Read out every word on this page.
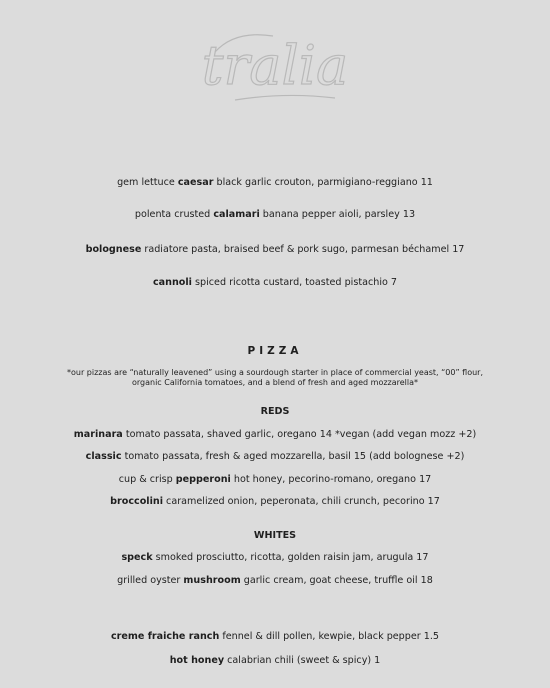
tralia
gem lettuce caesar black garlic crouton, parmigiano-reggiano 11
polenta crusted calamari banana pepper aioli, parsley 13
bolognese radiatore pasta, braised beef & pork sugo, parmesan béchamel 17
cannoli spiced ricotta custard, toasted pistachio 7
PIZZA
*our pizzas are “naturally leavened” using a sourdough starter in place of commercial yeast, “00” flour, organic California tomatoes, and a blend of fresh and aged mozzarella*
REDS
marinara tomato passata, shaved garlic, oregano 14 *vegan (add vegan mozz +2)
classic tomato passata, fresh & aged mozzarella, basil 15 (add bolognese +2)
cup & crisp pepperoni hot honey, pecorino-romano, oregano 17
broccolini caramelized onion, peperonata, chili crunch, pecorino 17
WHITES
speck smoked prosciutto, ricotta, golden raisin jam, arugula 17
grilled oyster mushroom garlic cream, goat cheese, truffle oil 18
creme fraiche ranch fennel & dill pollen, kewpie, black pepper 1.5
hot honey calabrian chili (sweet & spicy) 1
